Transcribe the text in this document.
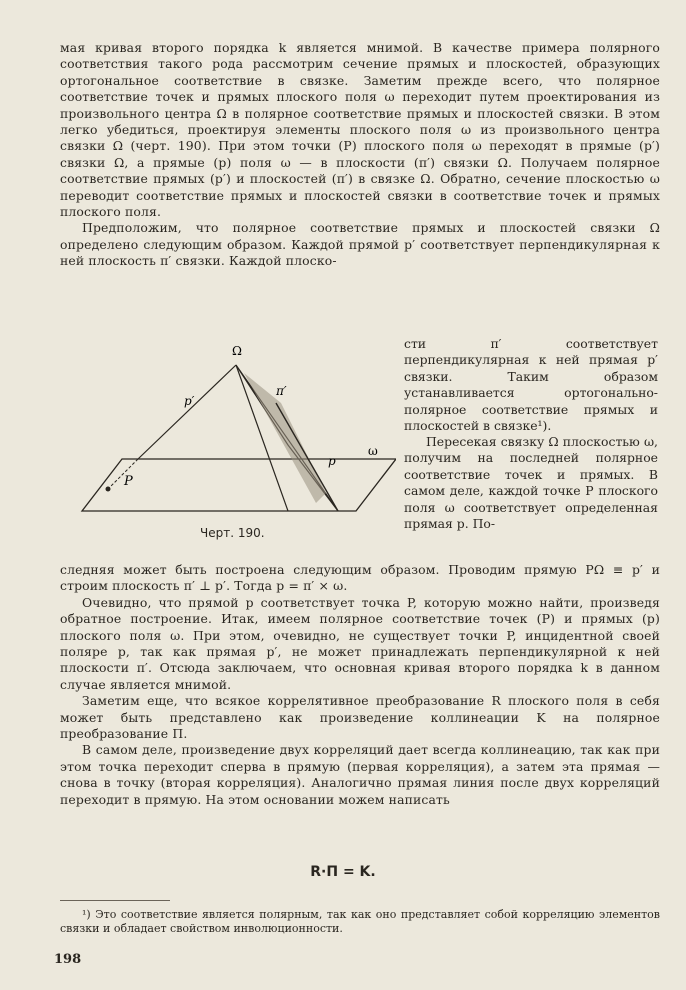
мая кривая второго порядка k является мнимой. В качестве примера полярного соответствия такого рода рассмотрим сечение прямых и плоскостей, образующих ортогональное соответствие в связке. Заметим прежде всего, что полярное соответствие точек и прямых плоского поля ω переходит путем проектирования из произвольного центра Ω в полярное соответствие прямых и плоскостей связки. В этом легко убедиться, проектируя элементы плоского поля ω из произвольного центра связки Ω (черт. 190). При этом точки (P) плоского поля ω переходят в прямые (p′) связки Ω, а прямые (p) поля ω — в плоскости (π′) связки Ω. Получаем полярное соответствие прямых (p′) и плоскостей (π′) в связке Ω. Обратно, сечение плоскостью ω переводит соответствие прямых и плоскостей связки в соответствие точек и прямых плоского поля.

Предположим, что полярное соответствие прямых и плоскостей связки Ω определено следующим образом. Каждой прямой p′ соответствует перпендикулярная к ней плоскость π′ связки. Каждой плоско-

сти π′ соответствует перпендикулярная к ней прямая p′ связки. Таким образом устанавливается ортогонально-полярное соответствие прямых и плоскостей в связке¹).

Пересекая связку Ω плоскостью ω, получим на последней полярное соответствие точек и прямых. В самом деле, каждой точке P плоского поля ω соответствует определенная прямая p. По-

Ω
π′
p′
ω
p
P
Черт. 190.

следняя может быть построена следующим образом. Проводим прямую PΩ ≡ p′ и строим плоскость π′ ⊥ p′. Тогда p = π′ × ω.

Очевидно, что прямой p соответствует точка P, которую можно найти, произведя обратное построение. Итак, имеем полярное соответствие точек (P) и прямых (p) плоского поля ω. При этом, очевидно, не существует точки P, инцидентной своей поляре p, так как прямая p′, не может принадлежать перпендикулярной к ней плоскости π′. Отсюда заключаем, что основная кривая второго порядка k в данном случае является мнимой.

Заметим еще, что всякое коррелятивное преобразование R плоского поля в себя может быть представлено как произведение коллинеации K на полярное преобразование П.

В самом деле, произведение двух корреляций дает всегда коллинеацию, так как при этом точка переходит сперва в прямую (первая корреляция), а затем эта прямая — снова в точку (вторая корреляция). Аналогично прямая линия после двух корреляций переходит в прямую. На этом основании можем написать

R·П = K.

¹) Это соответствие является полярным, так как оно представляет собой корреляцию элементов связки и обладает свойством инволюционности.

198
